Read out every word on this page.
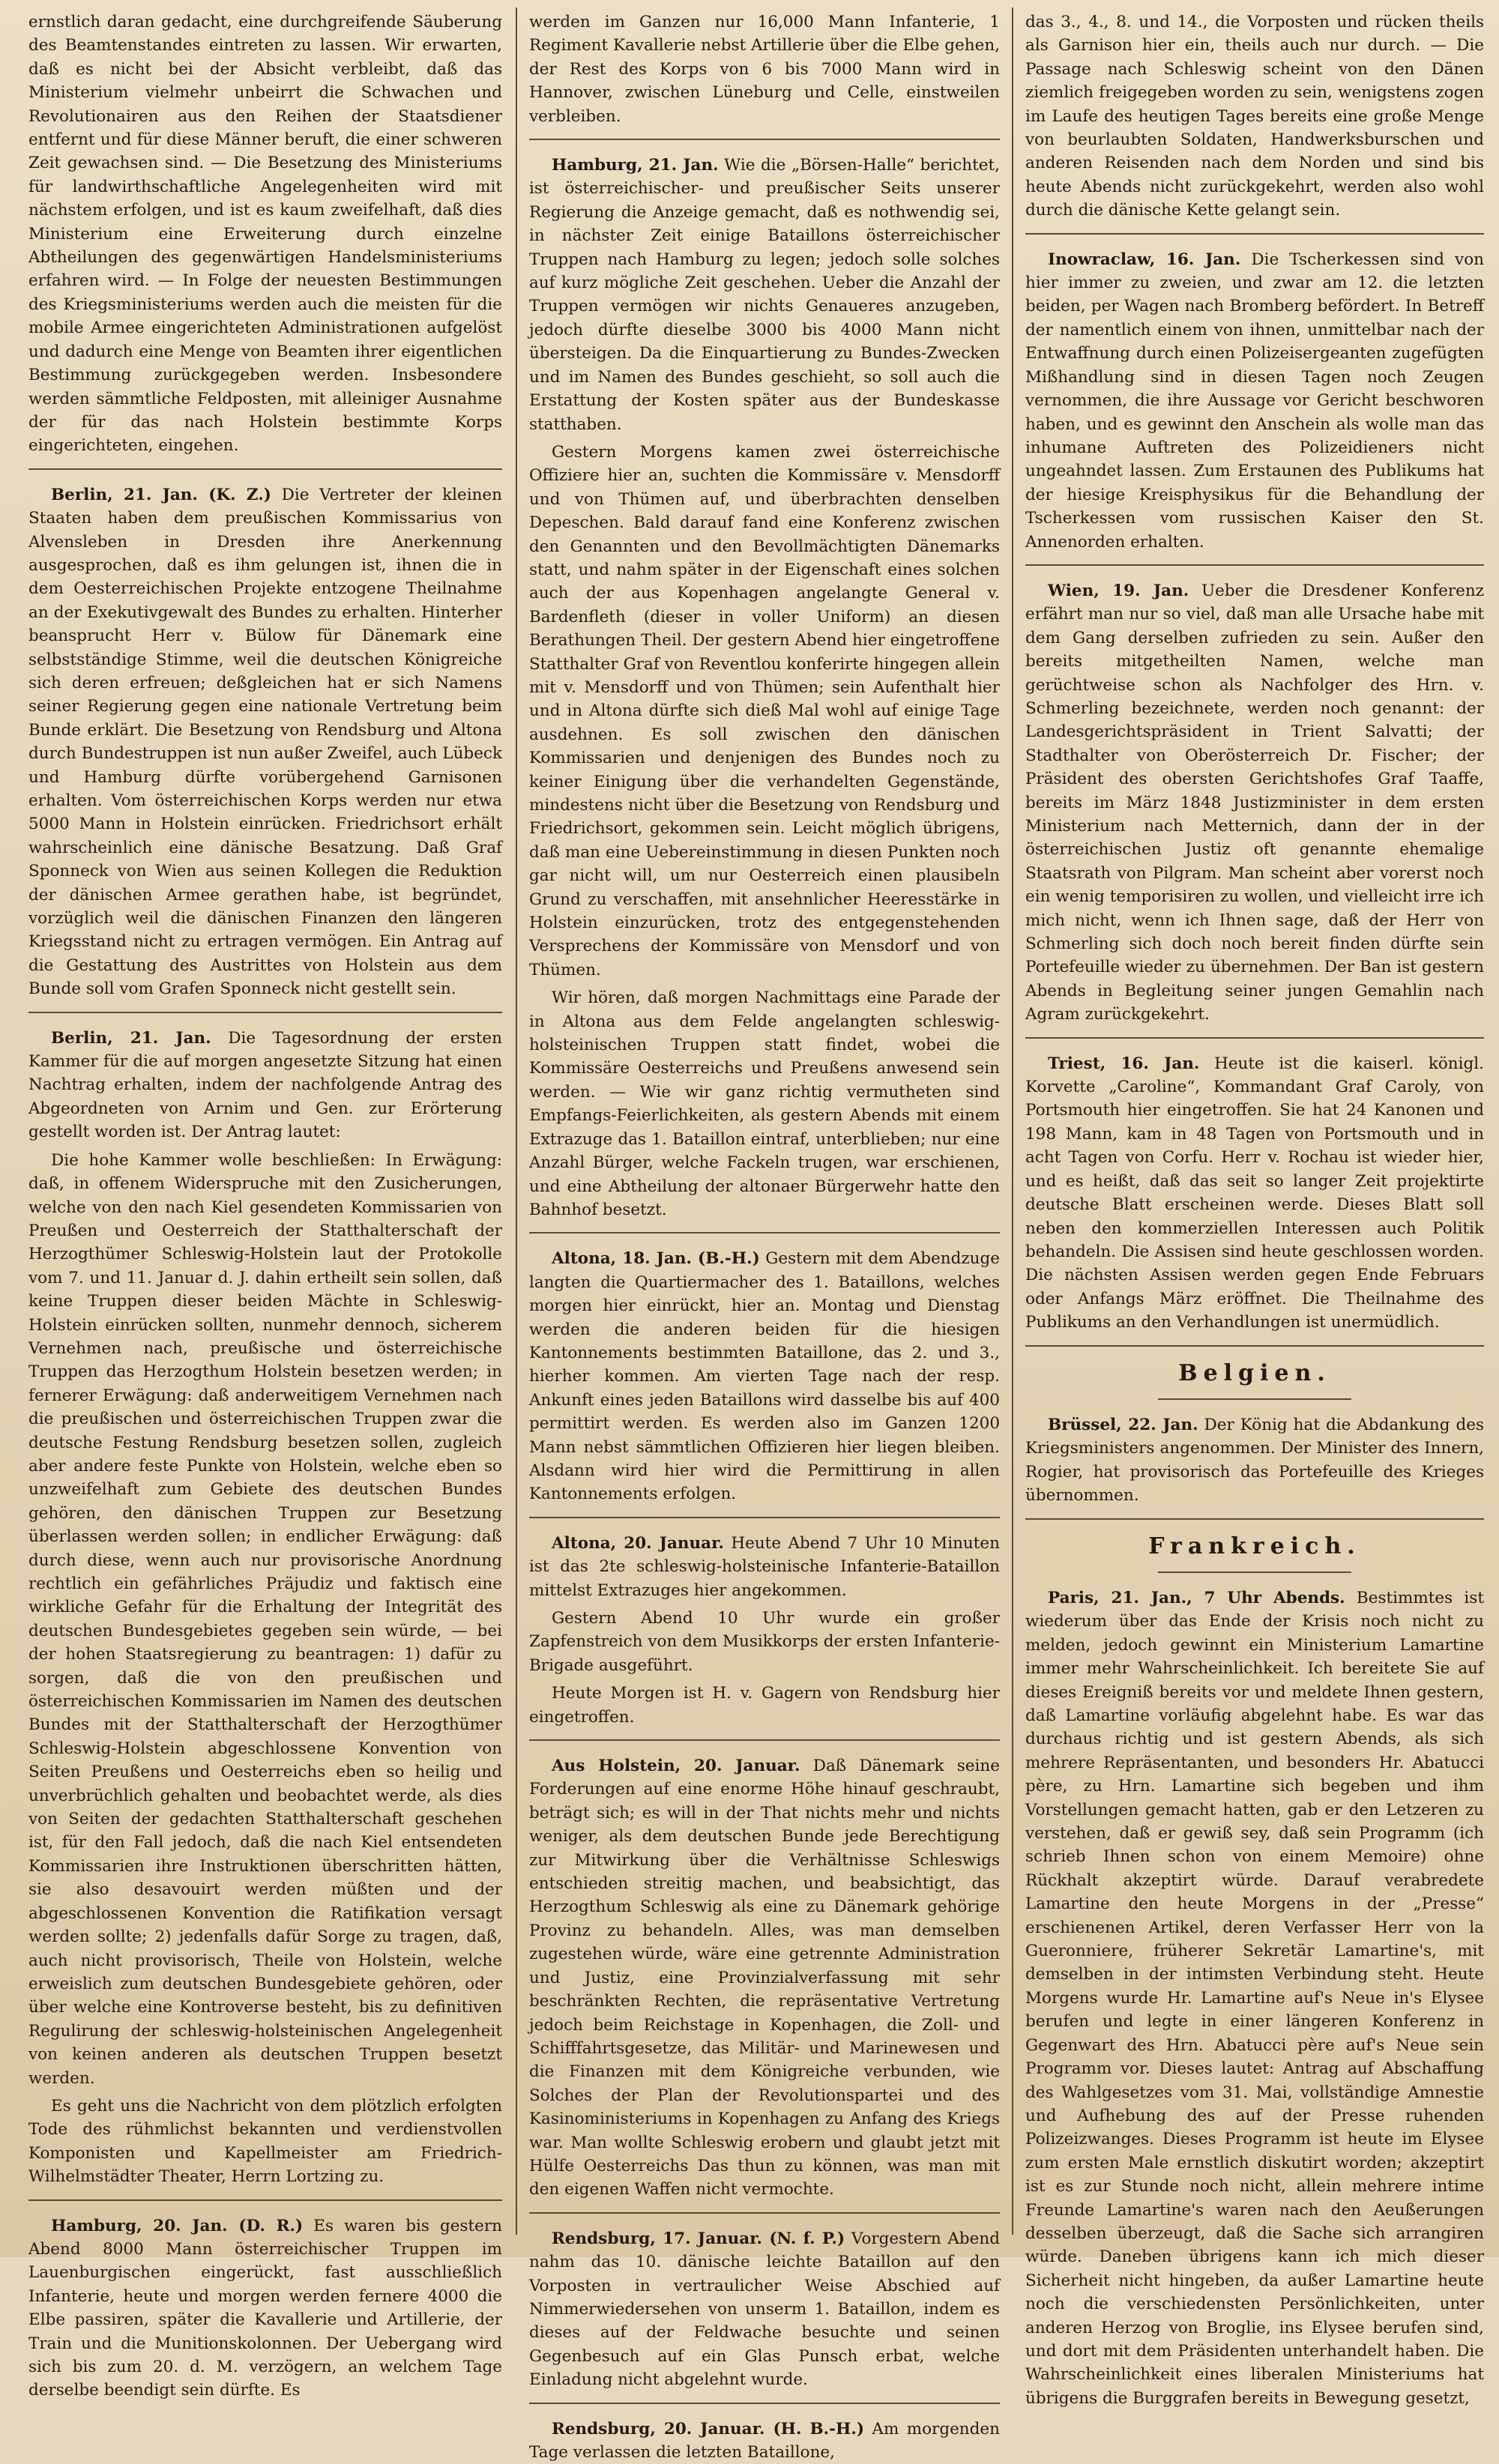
ernstlich daran gedacht, eine durchgreifende Säuberung des Beamtenstandes eintreten zu lassen. Wir erwarten, daß es nicht bei der Absicht verbleibt, daß das Ministerium vielmehr unbeirrt die Schwachen und Revolutionairen aus den Reihen der Staatsdiener entfernt und für diese Männer beruft, die einer schweren Zeit gewachsen sind. — Die Besetzung des Ministeriums für landwirthschaftliche Angelegenheiten wird mit nächstem erfolgen, und ist es kaum zweifelhaft, daß dies Ministerium eine Erweiterung durch einzelne Abtheilungen des gegenwärtigen Handelsministeriums erfahren wird. — In Folge der neuesten Bestimmungen des Kriegsministeriums werden auch die meisten für die mobile Armee eingerichteten Administrationen aufgelöst und dadurch eine Menge von Beamten ihrer eigentlichen Bestimmung zurückgegeben werden. Insbesondere werden sämmtliche Feldposten, mit alleiniger Ausnahme der für das nach Holstein bestimmte Korps eingerichteten, eingehen.

Berlin, 21. Jan. (K. Z.) Die Vertreter der kleinen Staaten haben dem preußischen Kommissarius von Alvensleben in Dresden ihre Anerkennung ausgesprochen, daß es ihm gelungen ist, ihnen die in dem Oesterreichischen Projekte entzogene Theilnahme an der Exekutivgewalt des Bundes zu erhalten. Hinterher beansprucht Herr v. Bülow für Dänemark eine selbstständige Stimme, weil die deutschen Königreiche sich deren erfreuen; deßgleichen hat er sich Namens seiner Regierung gegen eine nationale Vertretung beim Bunde erklärt. Die Besetzung von Rendsburg und Altona durch Bundestruppen ist nun außer Zweifel, auch Lübeck und Hamburg dürfte vorübergehend Garnisonen erhalten. Vom österreichischen Korps werden nur etwa 5000 Mann in Holstein einrücken. Friedrichsort erhält wahrscheinlich eine dänische Besatzung. Daß Graf Sponneck von Wien aus seinen Kollegen die Reduktion der dänischen Armee gerathen habe, ist begründet, vorzüglich weil die dänischen Finanzen den längeren Kriegsstand nicht zu ertragen vermögen. Ein Antrag auf die Gestattung des Austrittes von Holstein aus dem Bunde soll vom Grafen Sponneck nicht gestellt sein.

Berlin, 21. Jan. Die Tagesordnung der ersten Kammer für die auf morgen angesetzte Sitzung hat einen Nachtrag erhalten, indem der nachfolgende Antrag des Abgeordneten von Arnim und Gen. zur Erörterung gestellt worden ist. Der Antrag lautet:

Die hohe Kammer wolle beschließen: In Erwägung: daß, in offenem Widerspruche mit den Zusicherungen, welche von den nach Kiel gesendeten Kommissarien von Preußen und Oesterreich der Statthalterschaft der Herzogthümer Schleswig-Holstein laut der Protokolle vom 7. und 11. Januar d. J. dahin ertheilt sein sollen, daß keine Truppen dieser beiden Mächte in Schleswig-Holstein einrücken sollten, nunmehr dennoch, sicherem Vernehmen nach, preußische und österreichische Truppen das Herzogthum Holstein besetzen werden; in fernerer Erwägung: daß anderweitigem Vernehmen nach die preußischen und österreichischen Truppen zwar die deutsche Festung Rendsburg besetzen sollen, zugleich aber andere feste Punkte von Holstein, welche eben so unzweifelhaft zum Gebiete des deutschen Bundes gehören, den dänischen Truppen zur Besetzung überlassen werden sollen; in endlicher Erwägung: daß durch diese, wenn auch nur provisorische Anordnung rechtlich ein gefährliches Präjudiz und faktisch eine wirkliche Gefahr für die Erhaltung der Integrität des deutschen Bundesgebietes gegeben sein würde, — bei der hohen Staatsregierung zu beantragen: 1) dafür zu sorgen, daß die von den preußischen und österreichischen Kommissarien im Namen des deutschen Bundes mit der Statthalterschaft der Herzogthümer Schleswig-Holstein abgeschlossene Konvention von Seiten Preußens und Oesterreichs eben so heilig und unverbrüchlich gehalten und beobachtet werde, als dies von Seiten der gedachten Statthalterschaft geschehen ist, für den Fall jedoch, daß die nach Kiel entsendeten Kommissarien ihre Instruktionen überschritten hätten, sie also desavouirt werden müßten und der abgeschlossenen Konvention die Ratifikation versagt werden sollte; 2) jedenfalls dafür Sorge zu tragen, daß, auch nicht provisorisch, Theile von Holstein, welche erweislich zum deutschen Bundesgebiete gehören, oder über welche eine Kontroverse besteht, bis zu definitiven Regulirung der schleswig-holsteinischen Angelegenheit von keinen anderen als deutschen Truppen besetzt werden.

Es geht uns die Nachricht von dem plötzlich erfolgten Tode des rühmlichst bekannten und verdienstvollen Komponisten und Kapellmeister am Friedrich-Wilhelmstädter Theater, Herrn Lortzing zu.

Hamburg, 20. Jan. (D. R.) Es waren bis gestern Abend 8000 Mann österreichischer Truppen im Lauenburgischen eingerückt, fast ausschließlich Infanterie, heute und morgen werden fernere 4000 die Elbe passiren, später die Kavallerie und Artillerie, der Train und die Munitionskolonnen. Der Uebergang wird sich bis zum 20. d. M. verzögern, an welchem Tage derselbe beendigt sein dürfte. Es

werden im Ganzen nur 16,000 Mann Infanterie, 1 Regiment Kavallerie nebst Artillerie über die Elbe gehen, der Rest des Korps von 6 bis 7000 Mann wird in Hannover, zwischen Lüneburg und Celle, einstweilen verbleiben.

Hamburg, 21. Jan. Wie die „Börsen-Halle“ berichtet, ist österreichischer- und preußischer Seits unserer Regierung die Anzeige gemacht, daß es nothwendig sei, in nächster Zeit einige Bataillons österreichischer Truppen nach Hamburg zu legen; jedoch solle solches auf kurz mögliche Zeit geschehen. Ueber die Anzahl der Truppen vermögen wir nichts Genaueres anzugeben, jedoch dürfte dieselbe 3000 bis 4000 Mann nicht übersteigen. Da die Einquartierung zu Bundes-Zwecken und im Namen des Bundes geschieht, so soll auch die Erstattung der Kosten später aus der Bundeskasse statthaben.

Gestern Morgens kamen zwei österreichische Offiziere hier an, suchten die Kommissäre v. Mensdorff und von Thümen auf, und überbrachten denselben Depeschen. Bald darauf fand eine Konferenz zwischen den Genannten und den Bevollmächtigten Dänemarks statt, und nahm später in der Eigenschaft eines solchen auch der aus Kopenhagen angelangte General v. Bardenfleth (dieser in voller Uniform) an diesen Berathungen Theil. Der gestern Abend hier eingetroffene Statthalter Graf von Reventlou konferirte hingegen allein mit v. Mensdorff und von Thümen; sein Aufenthalt hier und in Altona dürfte sich dieß Mal wohl auf einige Tage ausdehnen. Es soll zwischen den dänischen Kommissarien und denjenigen des Bundes noch zu keiner Einigung über die verhandelten Gegenstände, mindestens nicht über die Besetzung von Rendsburg und Friedrichsort, gekommen sein. Leicht möglich übrigens, daß man eine Uebereinstimmung in diesen Punkten noch gar nicht will, um nur Oesterreich einen plausibeln Grund zu verschaffen, mit ansehnlicher Heeresstärke in Holstein einzurücken, trotz des entgegenstehenden Versprechens der Kommissäre von Mensdorf und von Thümen.

Wir hören, daß morgen Nachmittags eine Parade der in Altona aus dem Felde angelangten schleswig-holsteinischen Truppen statt findet, wobei die Kommissäre Oesterreichs und Preußens anwesend sein werden. — Wie wir ganz richtig vermutheten sind Empfangs-Feierlichkeiten, als gestern Abends mit einem Extrazuge das 1. Bataillon eintraf, unterblieben; nur eine Anzahl Bürger, welche Fackeln trugen, war erschienen, und eine Abtheilung der altonaer Bürgerwehr hatte den Bahnhof besetzt.

Altona, 18. Jan. (B.-H.) Gestern mit dem Abendzuge langten die Quartiermacher des 1. Bataillons, welches morgen hier einrückt, hier an. Montag und Dienstag werden die anderen beiden für die hiesigen Kantonnements bestimmten Bataillone, das 2. und 3., hierher kommen. Am vierten Tage nach der resp. Ankunft eines jeden Bataillons wird dasselbe bis auf 400 permittirt werden. Es werden also im Ganzen 1200 Mann nebst sämmtlichen Offizieren hier liegen bleiben. Alsdann wird hier wird die Permittirung in allen Kantonnements erfolgen.

Altona, 20. Januar. Heute Abend 7 Uhr 10 Minuten ist das 2te schleswig-holsteinische Infanterie-Bataillon mittelst Extrazuges hier angekommen.

Gestern Abend 10 Uhr wurde ein großer Zapfenstreich von dem Musikkorps der ersten Infanterie-Brigade ausgeführt.

Heute Morgen ist H. v. Gagern von Rendsburg hier eingetroffen.

Aus Holstein, 20. Januar. Daß Dänemark seine Forderungen auf eine enorme Höhe hinauf geschraubt, beträgt sich; es will in der That nichts mehr und nichts weniger, als dem deutschen Bunde jede Berechtigung zur Mitwirkung über die Verhältnisse Schleswigs entschieden streitig machen, und beabsichtigt, das Herzogthum Schleswig als eine zu Dänemark gehörige Provinz zu behandeln. Alles, was man demselben zugestehen würde, wäre eine getrennte Administration und Justiz, eine Provinzialverfassung mit sehr beschränkten Rechten, die repräsentative Vertretung jedoch beim Reichstage in Kopenhagen, die Zoll- und Schifffahrtsgesetze, das Militär- und Marinewesen und die Finanzen mit dem Königreiche verbunden, wie Solches der Plan der Revolutionspartei und des Kasinoministeriums in Kopenhagen zu Anfang des Kriegs war. Man wollte Schleswig erobern und glaubt jetzt mit Hülfe Oesterreichs Das thun zu können, was man mit den eigenen Waffen nicht vermochte.

Rendsburg, 17. Januar. (N. f. P.) Vorgestern Abend nahm das 10. dänische leichte Bataillon auf den Vorposten in vertraulicher Weise Abschied auf Nimmerwiedersehen von unserm 1. Bataillon, indem es dieses auf der Feldwache besuchte und seinen Gegenbesuch auf ein Glas Punsch erbat, welche Einladung nicht abgelehnt wurde.

Rendsburg, 20. Januar. (H. B.-H.) Am morgenden Tage verlassen die letzten Bataillone,

das 3., 4., 8. und 14., die Vorposten und rücken theils als Garnison hier ein, theils auch nur durch. — Die Passage nach Schleswig scheint von den Dänen ziemlich freigegeben worden zu sein, wenigstens zogen im Laufe des heutigen Tages bereits eine große Menge von beurlaubten Soldaten, Handwerksburschen und anderen Reisenden nach dem Norden und sind bis heute Abends nicht zurückgekehrt, werden also wohl durch die dänische Kette gelangt sein.

Inowraclaw, 16. Jan. Die Tscherkessen sind von hier immer zu zweien, und zwar am 12. die letzten beiden, per Wagen nach Bromberg befördert. In Betreff der namentlich einem von ihnen, unmittelbar nach der Entwaffnung durch einen Polizeisergeanten zugefügten Mißhandlung sind in diesen Tagen noch Zeugen vernommen, die ihre Aussage vor Gericht beschworen haben, und es gewinnt den Anschein als wolle man das inhumane Auftreten des Polizeidieners nicht ungeahndet lassen. Zum Erstaunen des Publikums hat der hiesige Kreisphysikus für die Behandlung der Tscherkessen vom russischen Kaiser den St. Annenorden erhalten.

Wien, 19. Jan. Ueber die Dresdener Konferenz erfährt man nur so viel, daß man alle Ursache habe mit dem Gang derselben zufrieden zu sein. Außer den bereits mitgetheilten Namen, welche man gerüchtweise schon als Nachfolger des Hrn. v. Schmerling bezeichnete, werden noch genannt: der Landesgerichtspräsident in Trient Salvatti; der Stadthalter von Oberösterreich Dr. Fischer; der Präsident des obersten Gerichtshofes Graf Taaffe, bereits im März 1848 Justizminister in dem ersten Ministerium nach Metternich, dann der in der österreichischen Justiz oft genannte ehemalige Staatsrath von Pilgram. Man scheint aber vorerst noch ein wenig temporisiren zu wollen, und vielleicht irre ich mich nicht, wenn ich Ihnen sage, daß der Herr von Schmerling sich doch noch bereit finden dürfte sein Portefeuille wieder zu übernehmen. Der Ban ist gestern Abends in Begleitung seiner jungen Gemahlin nach Agram zurückgekehrt.

Triest, 16. Jan. Heute ist die kaiserl. königl. Korvette „Caroline“, Kommandant Graf Caroly, von Portsmouth hier eingetroffen. Sie hat 24 Kanonen und 198 Mann, kam in 48 Tagen von Portsmouth und in acht Tagen von Corfu. Herr v. Rochau ist wieder hier, und es heißt, daß das seit so langer Zeit projektirte deutsche Blatt erscheinen werde. Dieses Blatt soll neben den kommerziellen Interessen auch Politik behandeln. Die Assisen sind heute geschlossen worden. Die nächsten Assisen werden gegen Ende Februars oder Anfangs März eröffnet. Die Theilnahme des Publikums an den Verhandlungen ist unermüdlich.

Belgien.

Brüssel, 22. Jan. Der König hat die Abdankung des Kriegsministers angenommen. Der Minister des Innern, Rogier, hat provisorisch das Portefeuille des Krieges übernommen.

Frankreich.

Paris, 21. Jan., 7 Uhr Abends. Bestimmtes ist wiederum über das Ende der Krisis noch nicht zu melden, jedoch gewinnt ein Ministerium Lamartine immer mehr Wahrscheinlichkeit. Ich bereitete Sie auf dieses Ereigniß bereits vor und meldete Ihnen gestern, daß Lamartine vorläufig abgelehnt habe. Es war das durchaus richtig und ist gestern Abends, als sich mehrere Repräsentanten, und besonders Hr. Abatucci père, zu Hrn. Lamartine sich begeben und ihm Vorstellungen gemacht hatten, gab er den Letzeren zu verstehen, daß er gewiß sey, daß sein Programm (ich schrieb Ihnen schon von einem Memoire) ohne Rückhalt akzeptirt würde. Darauf verabredete Lamartine den heute Morgens in der „Presse“ erschienenen Artikel, deren Verfasser Herr von la Gueronniere, früherer Sekretär Lamartine's, mit demselben in der intimsten Verbindung steht. Heute Morgens wurde Hr. Lamartine auf's Neue in's Elysee berufen und legte in einer längeren Konferenz in Gegenwart des Hrn. Abatucci père auf's Neue sein Programm vor. Dieses lautet: Antrag auf Abschaffung des Wahlgesetzes vom 31. Mai, vollständige Amnestie und Aufhebung des auf der Presse ruhenden Polizeizwanges. Dieses Programm ist heute im Elysee zum ersten Male ernstlich diskutirt worden; akzeptirt ist es zur Stunde noch nicht, allein mehrere intime Freunde Lamartine's waren nach den Aeußerungen desselben überzeugt, daß die Sache sich arrangiren würde. Daneben übrigens kann ich mich dieser Sicherheit nicht hingeben, da außer Lamartine heute noch die verschiedensten Persönlichkeiten, unter anderen Herzog von Broglie, ins Elysee berufen sind, und dort mit dem Präsidenten unterhandelt haben. Die Wahrscheinlichkeit eines liberalen Ministeriums hat übrigens die Burggrafen bereits in Bewegung gesetzt,
